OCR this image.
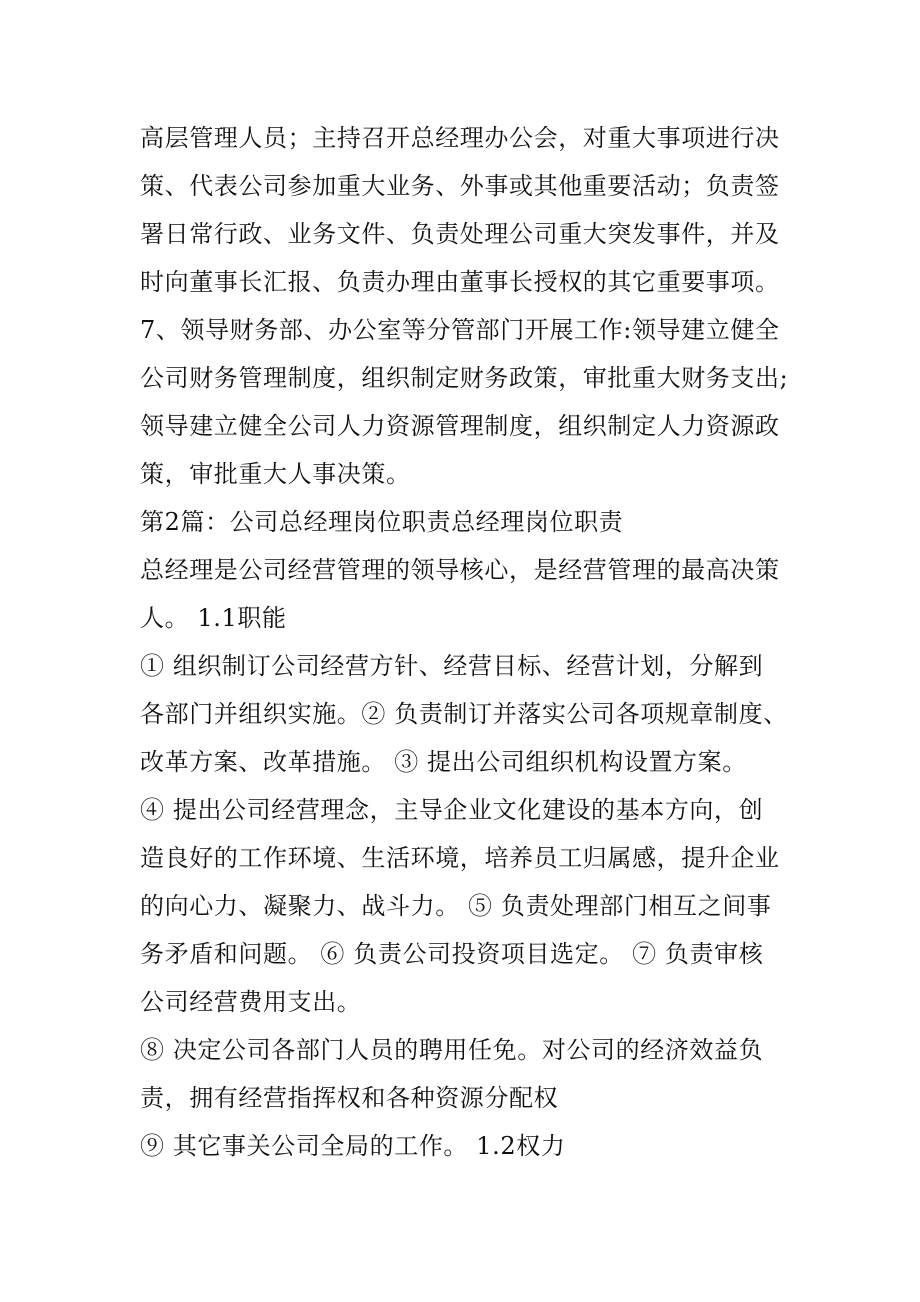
高层管理人员；主持召开总经理办公会，对重大事项进行决
策、代表公司参加重大业务、外事或其他重要活动；负责签
署日常行政、业务文件、负责处理公司重大突发事件，并及
时向董事长汇报、负责办理由董事长授权的其它重要事项。
7、领导财务部、办公室等分管部门开展工作:领导建立健全
公司财务管理制度，组织制定财务政策，审批重大财务支出;
领导建立健全公司人力资源管理制度，组织制定人力资源政
策，审批重大人事决策。
第2篇：公司总经理岗位职责总经理岗位职责
总经理是公司经营管理的领导核心，是经营管理的最高决策
人。 1.1职能
① 组织制订公司经营方针、经营目标、经营计划，分解到
各部门并组织实施。② 负责制订并落实公司各项规章制度、
改革方案、改革措施。 ③ 提出公司组织机构设置方案。
④ 提出公司经营理念，主导企业文化建设的基本方向，创
造良好的工作环境、生活环境，培养员工归属感，提升企业
的向心力、凝聚力、战斗力。 ⑤ 负责处理部门相互之间事
务矛盾和问题。 ⑥ 负责公司投资项目选定。 ⑦ 负责审核
公司经营费用支出。
⑧ 决定公司各部门人员的聘用任免。对公司的经济效益负
责，拥有经营指挥权和各种资源分配权
⑨ 其它事关公司全局的工作。 1.2权力
